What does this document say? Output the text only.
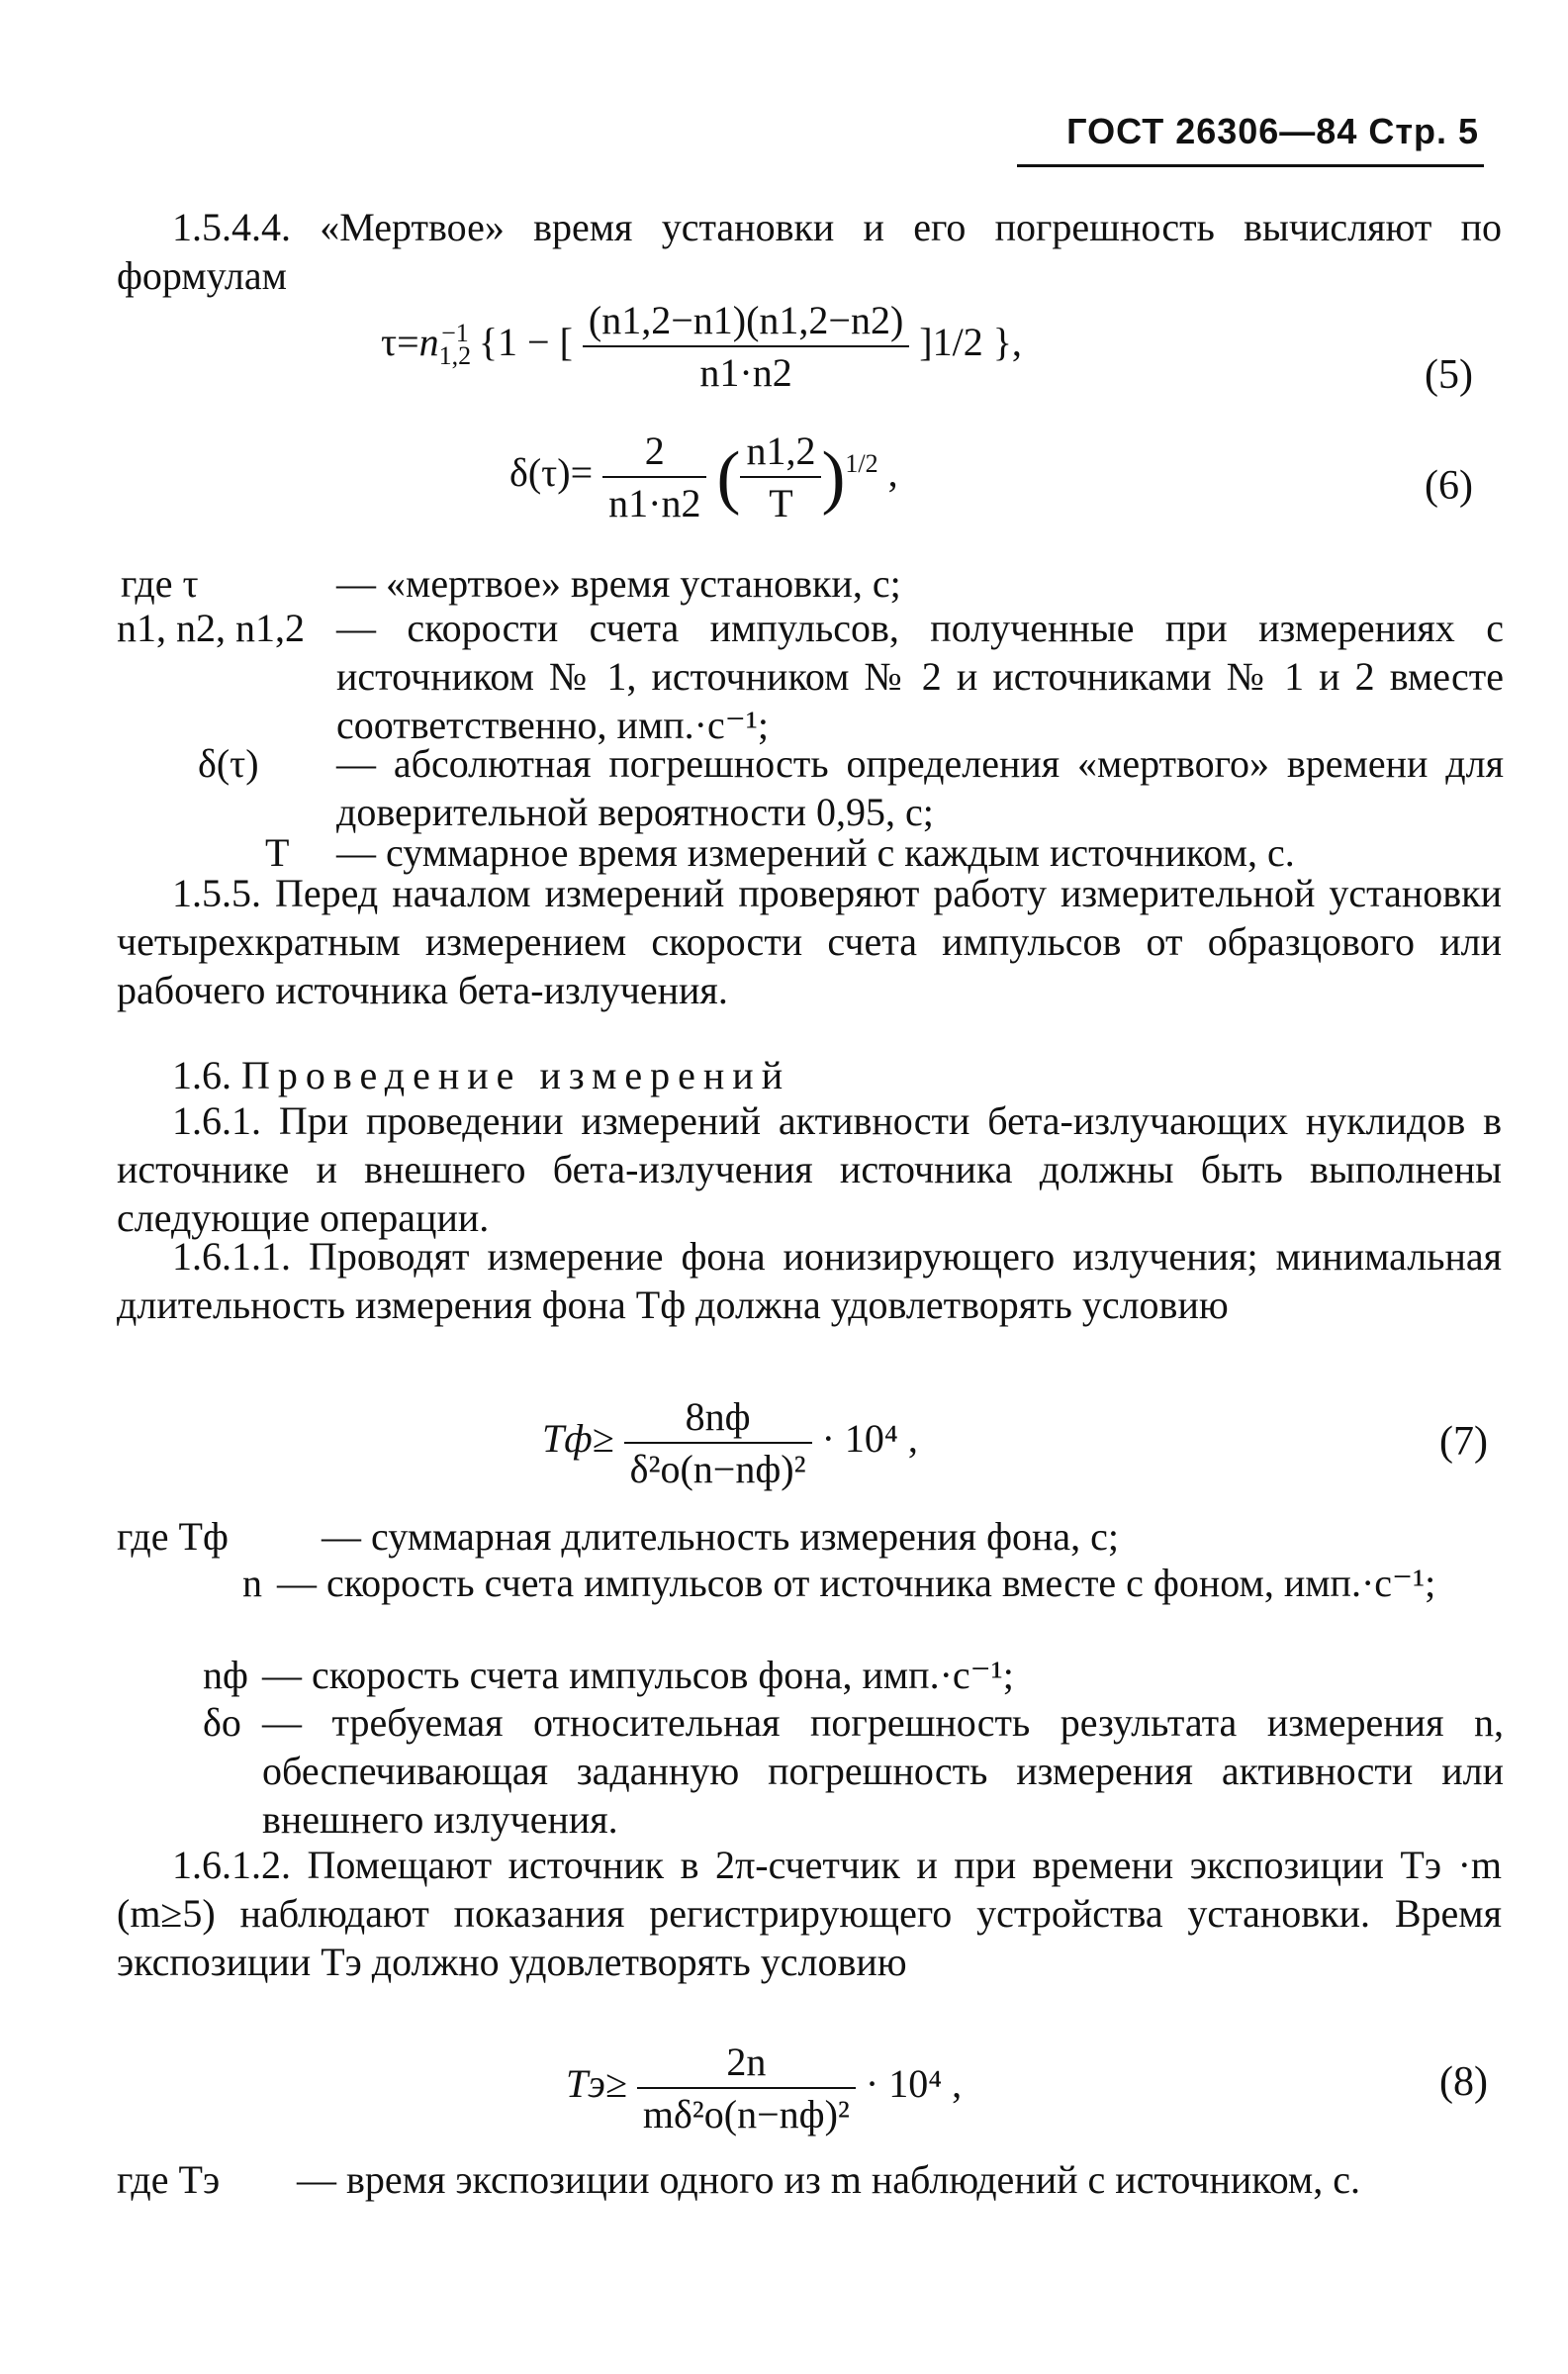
ГОСТ 26306—84 Стр. 5
1.5.4.4. «Мертвое» время установки и его погрешность вычисляют по формулам
$\tau=n_{1,2}^{-1}$ {1 − [ $\frac{(n1,2-n1)(n1,2-n2)}{n1\cdot n2} ]1/2$ },
(5)
$\delta(\tau)= \frac{2}{n1\cdot n2}$ ( $\frac{n1,2}{T} )^{1/2}$ ,	(6)
где τ	— «мертвое» время установки, с;
n1, n2, n1,2 — скорости счета импульсов, полученные при измерениях с источником № 1, источником № 2 и источниками № 1 и 2 вместе соответственно, имп.·с⁻¹;
δ(τ) — абсолютная погрешность определения «мертвого» времени для доверительной вероятности 0,95, с;
T — суммарное время измерений с каждым источником, с.
1.5.5. Перед началом измерений проверяют работу измерительной установки четырехкратным измерением скорости счета импульсов от образцового или рабочего источника бета-излучения.
1.6. Проведение измерений
1.6.1. При проведении измерений активности бета-излучающих нуклидов в источнике и внешнего бета-излучения источника должны быть выполнены следующие операции.
1.6.1.1. Проводят измерение фона ионизирующего излучения; минимальная длительность измерения фона Tф должна удовлетворять условию
$Tф\ge \frac{8nф}{\text{δ²о(n−nф)²}} \cdot 10^4$ ,	(7)
где Tф — суммарная длительность измерения фона, с;
n — скорость счета импульсов от источника вместе с фоном, имп.·с⁻¹;
nф — скорость счета импульсов фона, имп.·с⁻¹;
δо — требуемая относительная погрешность результата измерения n, обеспечивающая заданную погрешность измерения активности или внешнего излучения.
1.6.1.2. Помещают источник в 2π-счетчик и при времени экспозиции Tэ ·m (m≥5) наблюдают показания регистрирующего устройства установки. Время экспозиции Tэ должно удовлетворять условию
$Tэ\ge \frac{2n}{\text{mδ²о(n−nф)²}} \cdot 10^4$ ,	(8)
где Tэ — время экспозиции одного из m наблюдений с источником, с.
